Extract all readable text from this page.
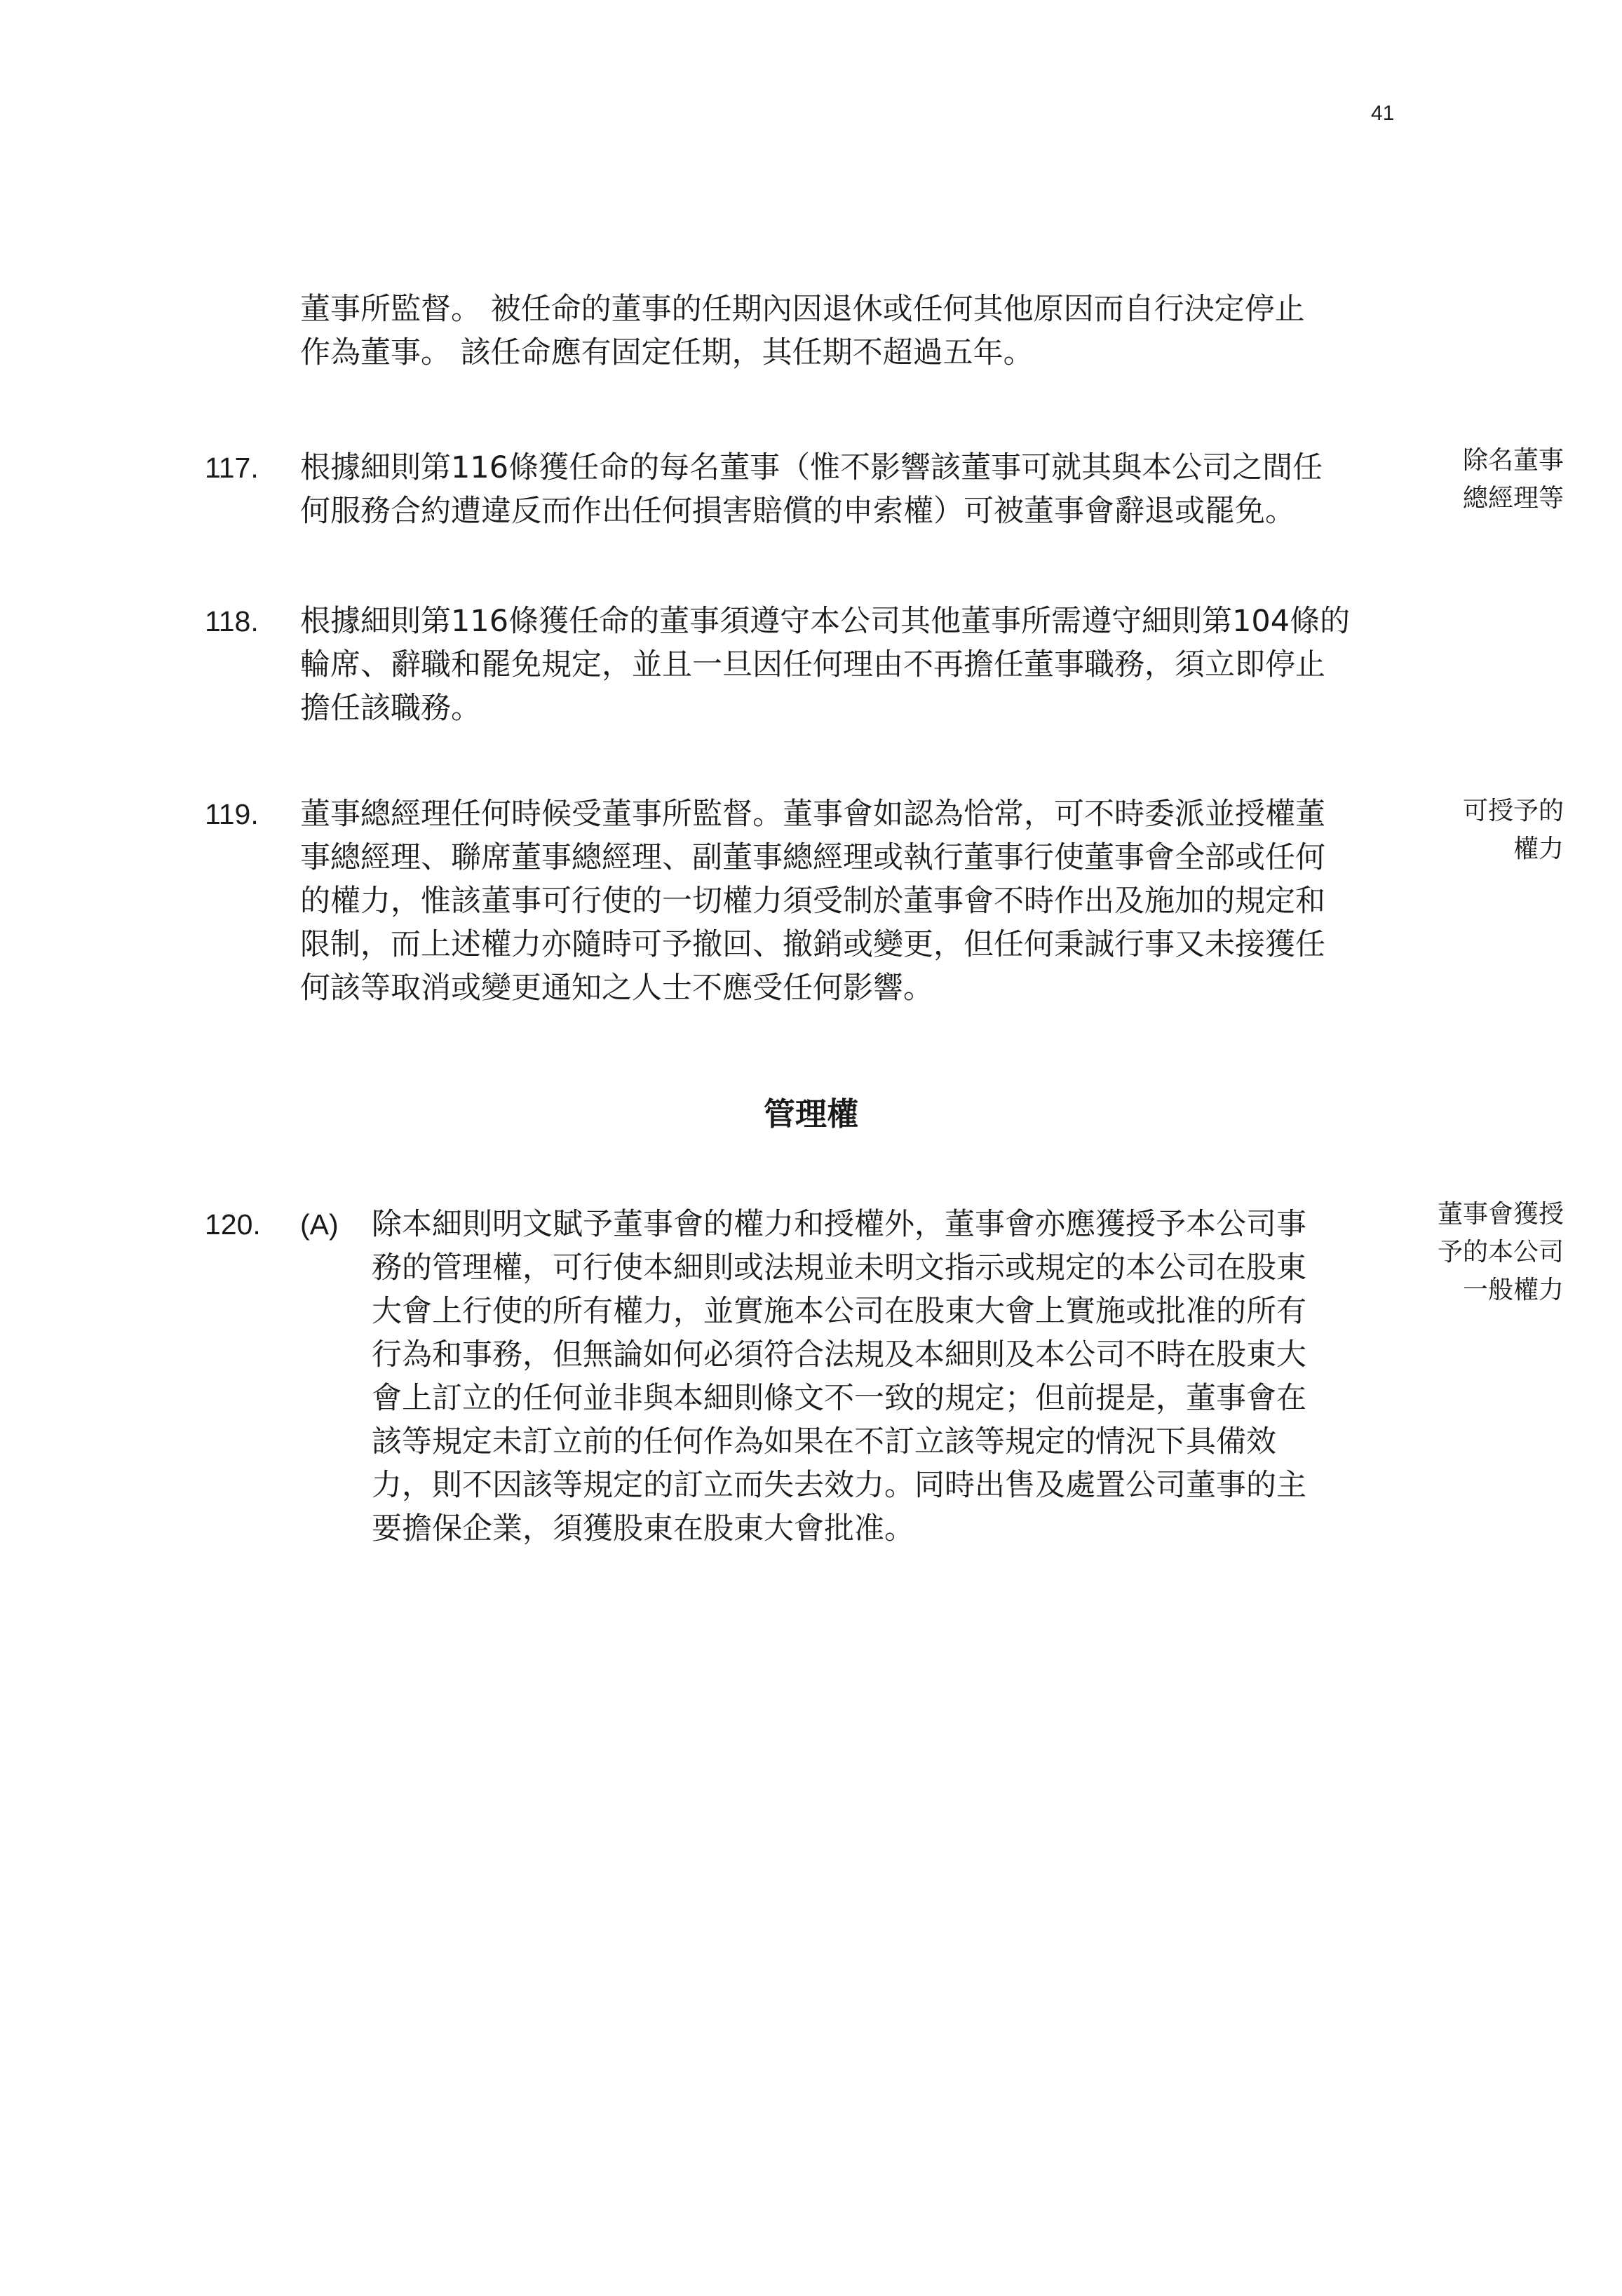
41
董事所監督。 被任命的董事的任期內因退休或任何其他原因而自行決定停止
作為董事。 該任命應有固定任期，其任期不超過五年。
117. 根據細則第116條獲任命的每名董事（惟不影響該董事可就其與本公司之間任
何服務合約遭違反而作出任何損害賠償的申索權）可被董事會辭退或罷免。
除名董事
總經理等
118. 根據細則第116條獲任命的董事須遵守本公司其他董事所需遵守細則第104條的
輪席、辭職和罷免規定，並且一旦因任何理由不再擔任董事職務，須立即停止
擔任該職務。
119. 董事總經理任何時候受董事所監督。董事會如認為恰常，可不時委派並授權董
事總經理、聯席董事總經理、副董事總經理或執行董事行使董事會全部或任何
的權力，惟該董事可行使的一切權力須受制於董事會不時作出及施加的規定和
限制，而上述權力亦隨時可予撤回、撤銷或變更，但任何秉誠行事又未接獲任
何該等取消或變更通知之人士不應受任何影響。
可授予的
權力
管理權
120. (A) 除本細則明文賦予董事會的權力和授權外，董事會亦應獲授予本公司事
務的管理權，可行使本細則或法規並未明文指示或規定的本公司在股東
大會上行使的所有權力，並實施本公司在股東大會上實施或批准的所有
行為和事務，但無論如何必須符合法規及本細則及本公司不時在股東大
會上訂立的任何並非與本細則條文不一致的規定；但前提是，董事會在
該等規定未訂立前的任何作為如果在不訂立該等規定的情況下具備效
力，則不因該等規定的訂立而失去效力。同時出售及處置公司董事的主
要擔保企業，須獲股東在股東大會批准。
董事會獲授
予的本公司
一般權力
